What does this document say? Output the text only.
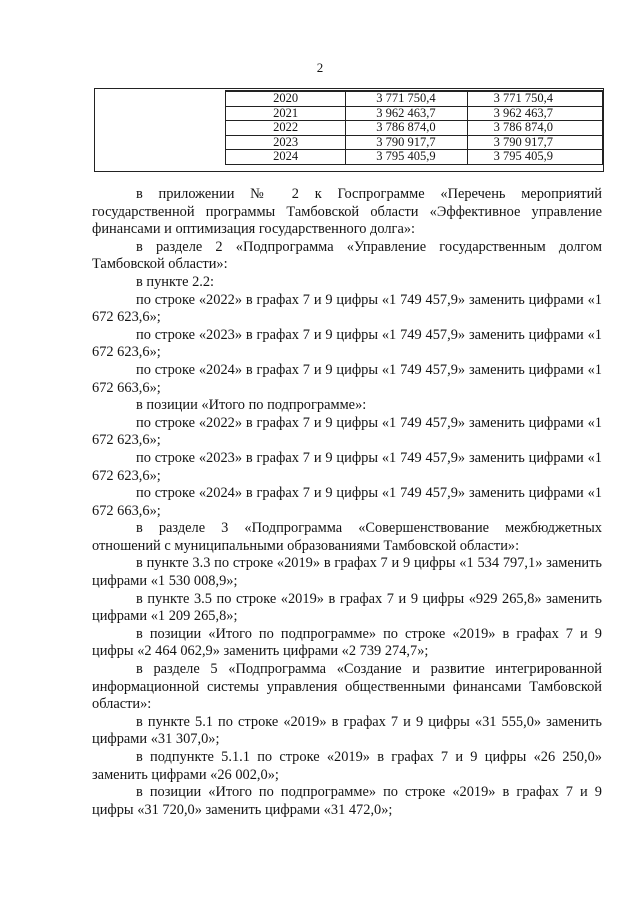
2
2020	3 771 750,4	3 771 750,4
2021	3 962 463,7	3 962 463,7
2022	3 786 874,0	3 786 874,0
2023	3 790 917,7	3 790 917,7
2024	3 795 405,9	3 795 405,9

в приложении № 2 к Госпрограмме «Перечень мероприятий государственной программы Тамбовской области «Эффективное управление финансами и оптимизация государственного долга»:

в разделе 2 «Подпрограмма «Управление государственным долгом Тамбовской области»:

в пункте 2.2:

по строке «2022» в графах 7 и 9 цифры «1 749 457,9» заменить цифрами «1 672 623,6»;

по строке «2023» в графах 7 и 9 цифры «1 749 457,9» заменить цифрами «1 672 623,6»;

по строке «2024» в графах 7 и 9 цифры «1 749 457,9» заменить цифрами «1 672 663,6»;

в позиции «Итого по подпрограмме»:

по строке «2022» в графах 7 и 9 цифры «1 749 457,9» заменить цифрами «1 672 623,6»;

по строке «2023» в графах 7 и 9 цифры «1 749 457,9» заменить цифрами «1 672 623,6»;

по строке «2024» в графах 7 и 9 цифры «1 749 457,9» заменить цифрами «1 672 663,6»;

в разделе 3 «Подпрограмма «Совершенствование межбюджетных отношений с муниципальными образованиями Тамбовской области»:

в пункте 3.3 по строке «2019» в графах 7 и 9 цифры «1 534 797,1» заменить цифрами «1 530 008,9»;

в пункте 3.5 по строке «2019» в графах 7 и 9 цифры «929 265,8» заменить цифрами «1 209 265,8»;

в позиции «Итого по подпрограмме» по строке «2019» в графах 7 и 9 цифры «2 464 062,9» заменить цифрами «2 739 274,7»;

в разделе 5 «Подпрограмма «Создание и развитие интегрированной информационной системы управления общественными финансами Тамбовской области»:

в пункте 5.1 по строке «2019» в графах 7 и 9 цифры «31 555,0» заменить цифрами «31 307,0»;

в подпункте 5.1.1 по строке «2019» в графах 7 и 9 цифры «26 250,0» заменить цифрами «26 002,0»;

в позиции «Итого по подпрограмме» по строке «2019» в графах 7 и 9 цифры «31 720,0» заменить цифрами «31 472,0»;
